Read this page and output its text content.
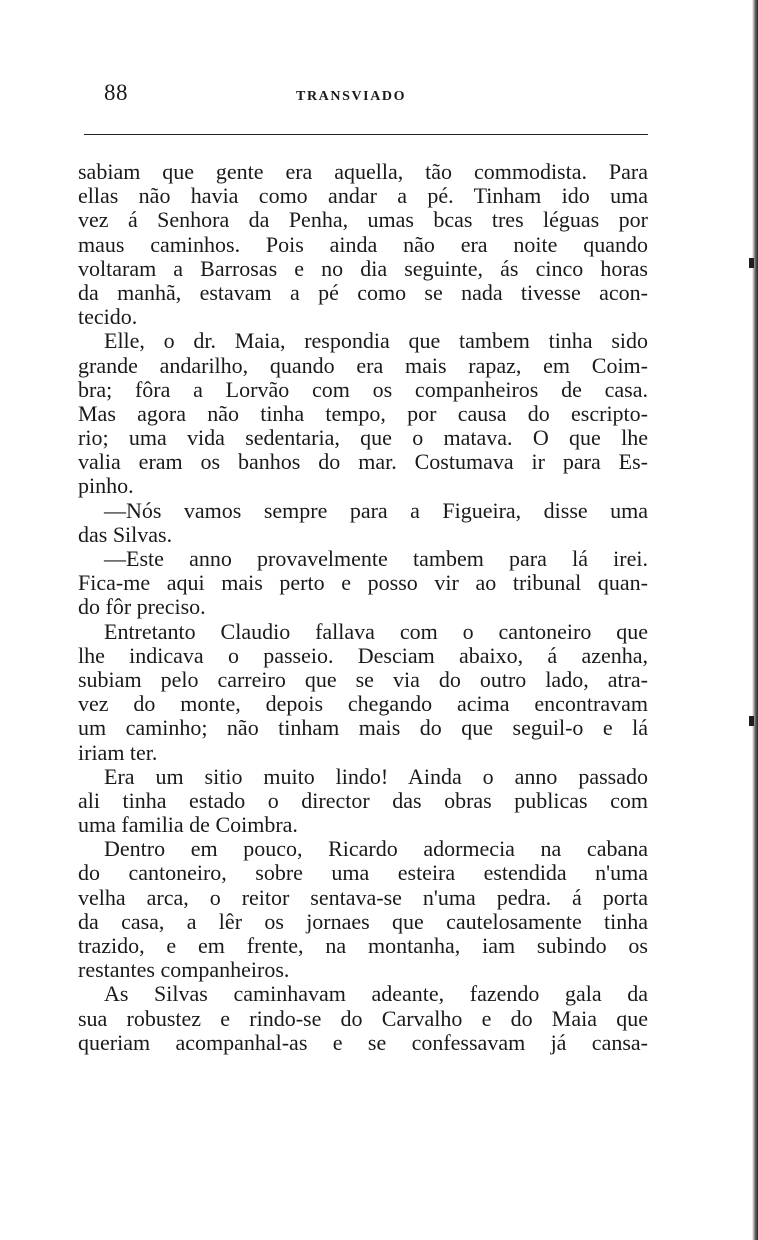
88	TRANSVIADO
sabiam que gente era aquella, tão commodista. Para
ellas não havia como andar a pé. Tinham ido uma
vez á Senhora da Penha, umas bcas tres léguas por
maus caminhos. Pois ainda não era noite quando
voltaram a Barrosas e no dia seguinte, ás cinco horas
da manhã, estavam a pé como se nada tivesse acon-
tecido.
Elle, o dr. Maia, respondia que tambem tinha sido
grande andarilho, quando era mais rapaz, em Coim-
bra; fôra a Lorvão com os companheiros de casa.
Mas agora não tinha tempo, por causa do escripto-
rio; uma vida sedentaria, que o matava. O que lhe
valia eram os banhos do mar. Costumava ir para Es-
pinho.
—Nós vamos sempre para a Figueira, disse uma
das Silvas.
—Este anno provavelmente tambem para lá irei.
Fica-me aqui mais perto e posso vir ao tribunal quan-
do fôr preciso.
Entretanto Claudio fallava com o cantoneiro que
lhe indicava o passeio. Desciam abaixo, á azenha,
subiam pelo carreiro que se via do outro lado, atra-
vez do monte, depois chegando acima encontravam
um caminho; não tinham mais do que seguil-o e lá
iriam ter.
Era um sitio muito lindo! Ainda o anno passado
ali tinha estado o director das obras publicas com
uma familia de Coimbra.
Dentro em pouco, Ricardo adormecia na cabana
do cantoneiro, sobre uma esteira estendida n'uma
velha arca, o reitor sentava-se n'uma pedra. á porta
da casa, a lêr os jornaes que cautelosamente tinha
trazido, e em frente, na montanha, iam subindo os
restantes companheiros.
As Silvas caminhavam adeante, fazendo gala da
sua robustez e rindo-se do Carvalho e do Maia que
queriam acompanhal-as e se confessavam já cansa-
